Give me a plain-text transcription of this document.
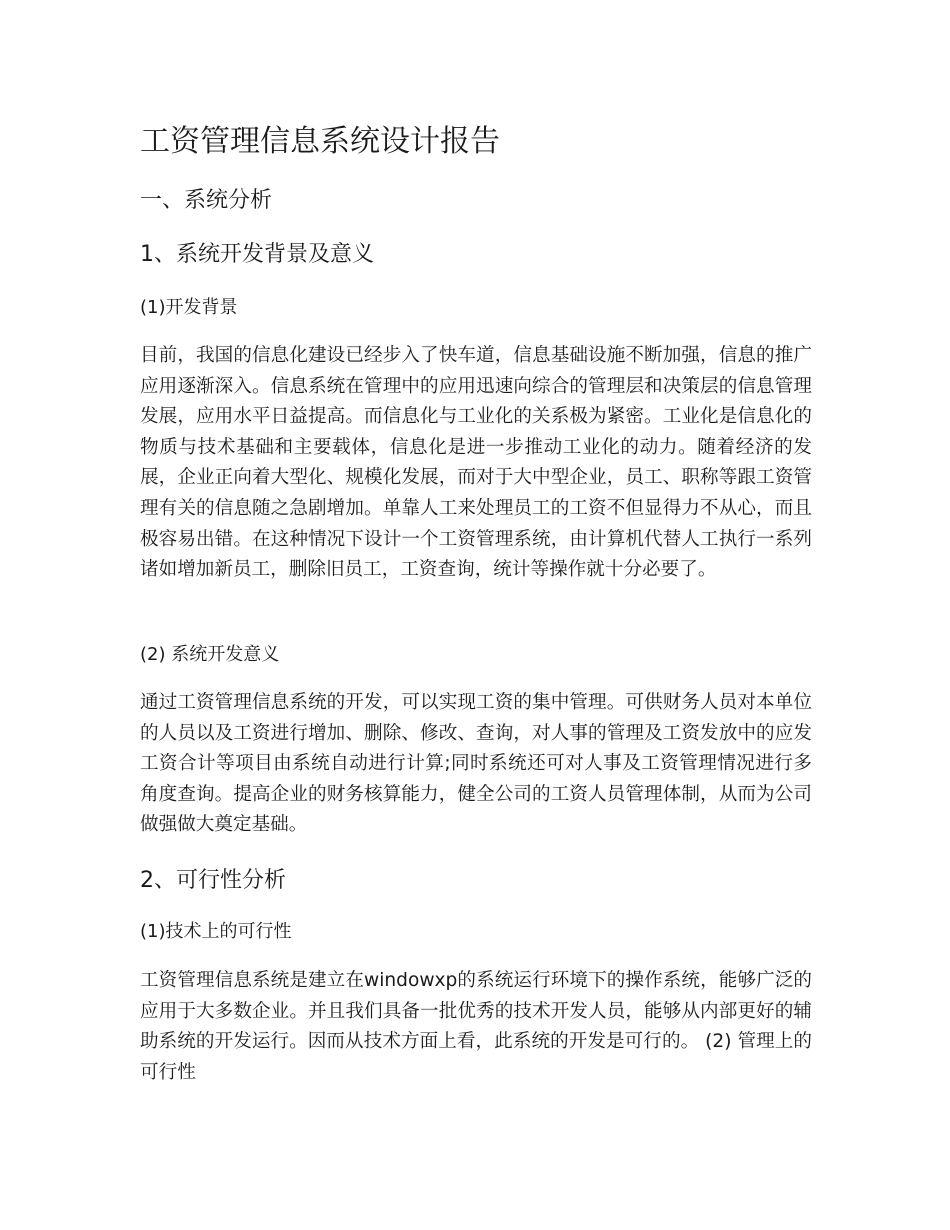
工资管理信息系统设计报告
一、系统分析
1、系统开发背景及意义
(1)开发背景

目前，我国的信息化建设已经步入了快车道，信息基础设施不断加强，信息的推广应用逐渐深入。信息系统在管理中的应用迅速向综合的管理层和决策层的信息管理发展，应用水平日益提高。而信息化与工业化的关系极为紧密。工业化是信息化的物质与技术基础和主要载体，信息化是进一步推动工业化的动力。随着经济的发展，企业正向着大型化、规模化发展，而对于大中型企业，员工、职称等跟工资管理有关的信息随之急剧增加。单靠人工来处理员工的工资不但显得力不从心，而且极容易出错。在这种情况下设计一个工资管理系统，由计算机代替人工执行一系列诸如增加新员工，删除旧员工，工资查询，统计等操作就十分必要了。

(2) 系统开发意义

通过工资管理信息系统的开发，可以实现工资的集中管理。可供财务人员对本单位的人员以及工资进行增加、删除、修改、查询，对人事的管理及工资发放中的应发工资合计等项目由系统自动进行计算;同时系统还可对人事及工资管理情况进行多角度查询。提高企业的财务核算能力，健全公司的工资人员管理体制，从而为公司做强做大奠定基础。

2、可行性分析
(1)技术上的可行性

工资管理信息系统是建立在windowxp的系统运行环境下的操作系统，能够广泛的应用于大多数企业。并且我们具备一批优秀的技术开发人员，能够从内部更好的辅助系统的开发运行。因而从技术方面上看，此系统的开发是可行的。 (2) 管理上的可行性
